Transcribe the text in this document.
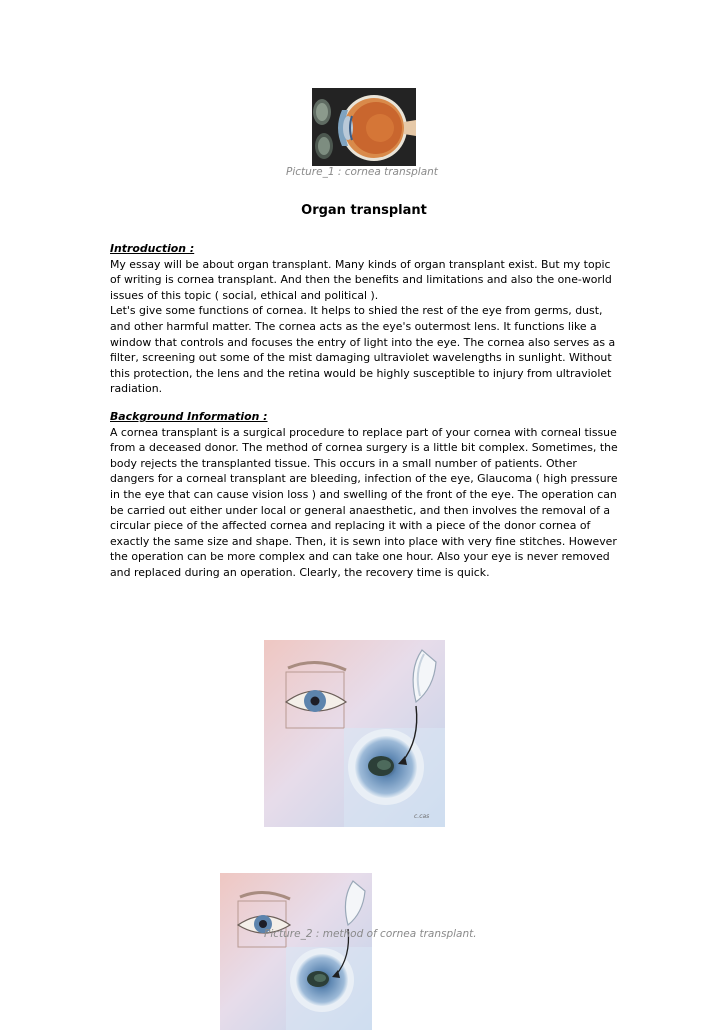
Picture_1 : cornea transplant
Organ transplant
Introduction :
My essay will be about organ transplant. Many kinds of organ transplant exist. But my topic of writing is cornea transplant. And then the benefits and limitations and also the one-world issues of this topic ( social, ethical and political ).
Let's give some functions of cornea. It helps to shied the rest of the eye from germs, dust, and other harmful matter. The cornea acts as the eye's outermost lens. It functions like a window that controls and focuses the entry of light into the eye. The cornea also serves as a filter, screening out some of the mist damaging ultraviolet wavelengths in sunlight. Without this protection, the lens and the retina would be highly susceptible to injury from ultraviolet radiation.
Background Information :
A cornea transplant is a surgical procedure to replace part of your cornea with corneal tissue from a deceased donor. The method of cornea surgery is a little bit complex. Sometimes, the body rejects the transplanted tissue. This occurs in a small number of patients. Other dangers for a corneal transplant are bleeding, infection of the eye, Glaucoma ( high pressure in the eye that can cause vision loss ) and swelling of the front of the eye. The operation can be carried out either under local or general anaesthetic, and then involves the removal of a circular piece of the affected cornea and replacing it with a piece of the donor cornea of exactly the same size and shape. Then, it is sewn into place with very fine stitches. However the operation can be more complex and can take one hour. Also your eye is never removed and replaced during an operation. Clearly, the recovery time is quick.
c.cas
Picture_2 : method of cornea transplant.
